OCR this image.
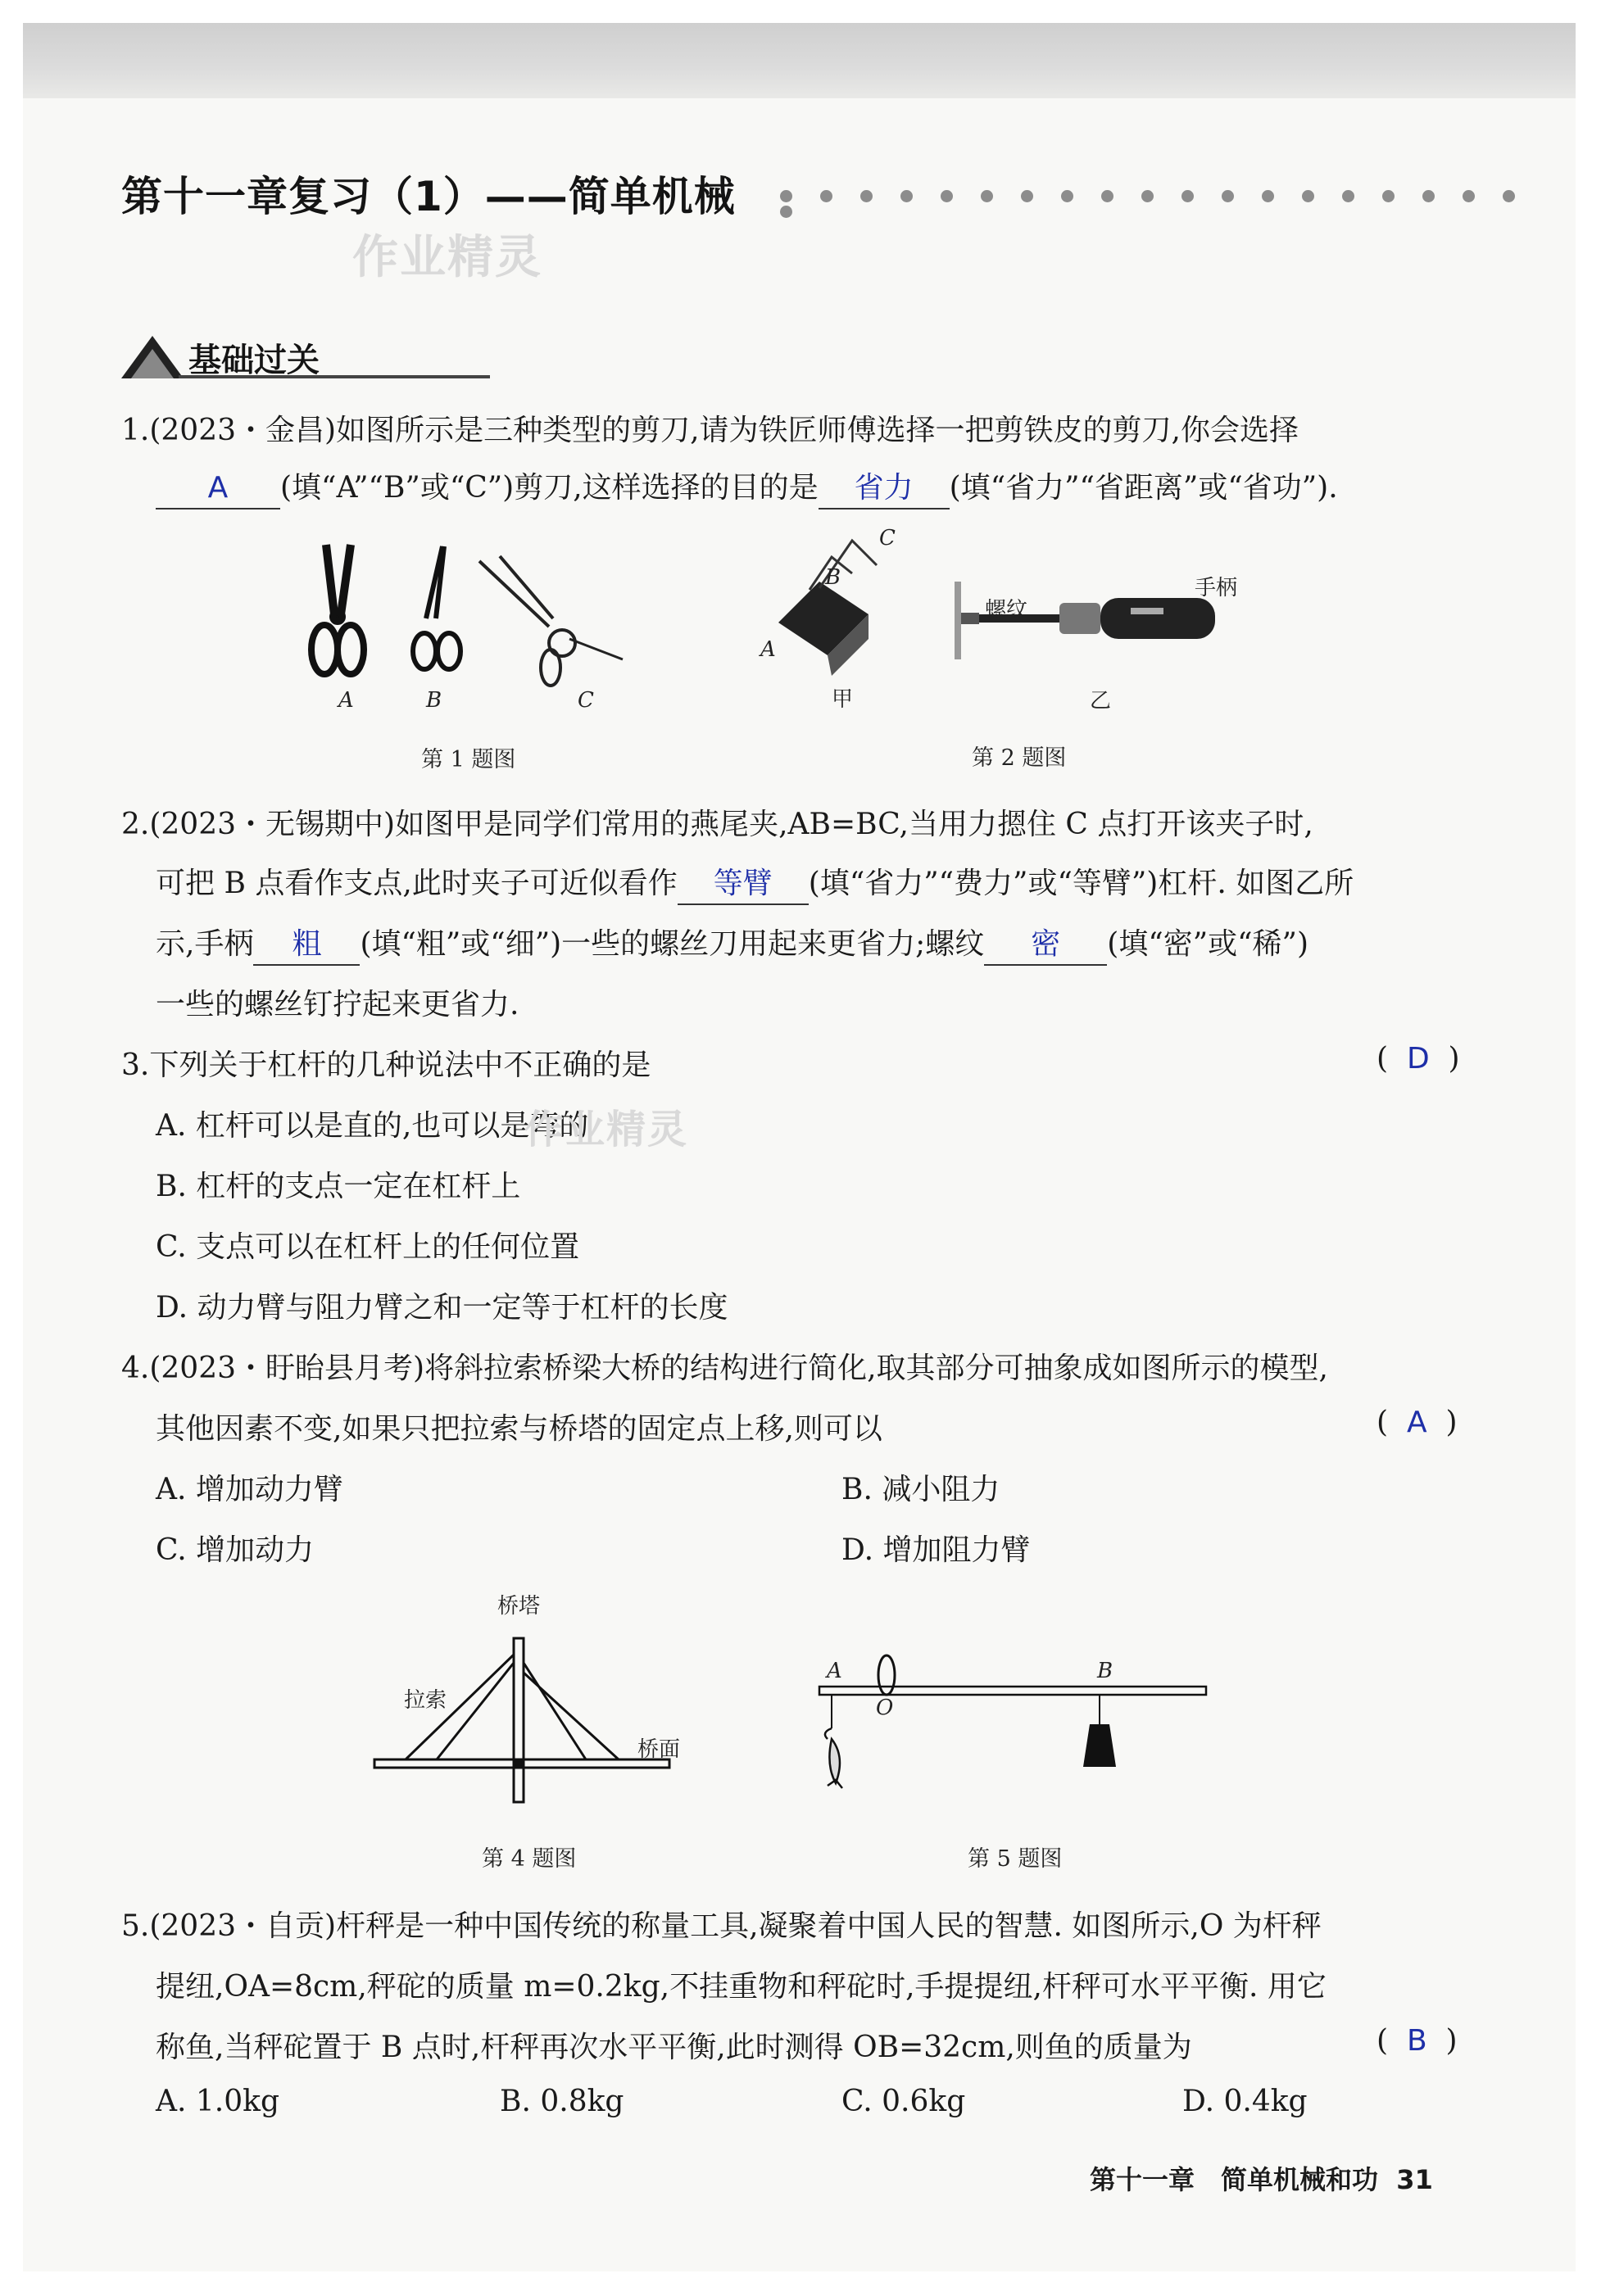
第十一章复习（1）——简单机械
作业精灵
基础过关
1.(2023・金昌)如图所示是三种类型的剪刀,请为铁匠师傅选择一把剪铁皮的剪刀,你会选择
A (填“A”“B”或“C”)剪刀,这样选择的目的是 省力 (填“省力”“省距离”或“省功”).
A	B	C
第 1 题图
B
C
A
甲	乙
螺纹
手柄
第 2 题图
2.(2023・无锡期中)如图甲是同学们常用的燕尾夹,AB=BC,当用力摁住 C 点打开该夹子时,
可把 B 点看作支点,此时夹子可近似看作 等臂 (填“省力”“费力”或“等臂”)杠杆. 如图乙所
示,手柄 粗 (填“粗”或“细”)一些的螺丝刀用起来更省力;螺纹 密 (填“密”或“稀”)
一些的螺丝钉拧起来更省力.
3.下列关于杠杆的几种说法中不正确的是	(  D  )
A. 杠杆可以是直的,也可以是弯的
作业精灵
B. 杠杆的支点一定在杠杆上
C. 支点可以在杠杆上的任何位置
D. 动力臂与阻力臂之和一定等于杠杆的长度
4.(2023・盱眙县月考)将斜拉索桥梁大桥的结构进行简化,取其部分可抽象成如图所示的模型,
其他因素不变,如果只把拉索与桥塔的固定点上移,则可以	(  A  )
A. 增加动力臂	B. 减小阻力
C. 增加动力	D. 增加阻力臂
桥塔
拉索
桥面
第 4 题图
A
O
B
第 5 题图
5.(2023・自贡)杆秤是一种中国传统的称量工具,凝聚着中国人民的智慧. 如图所示,O 为杆秤
提纽,OA=8cm,秤砣的质量 m=0.2kg,不挂重物和秤砣时,手提提纽,杆秤可水平平衡. 用它
称鱼,当秤砣置于 B 点时,杆秤再次水平平衡,此时测得 OB=32cm,则鱼的质量为	(  B  )
A. 1.0kg	B. 0.8kg	C. 0.6kg	D. 0.4kg
第十一章　简单机械和功 31
